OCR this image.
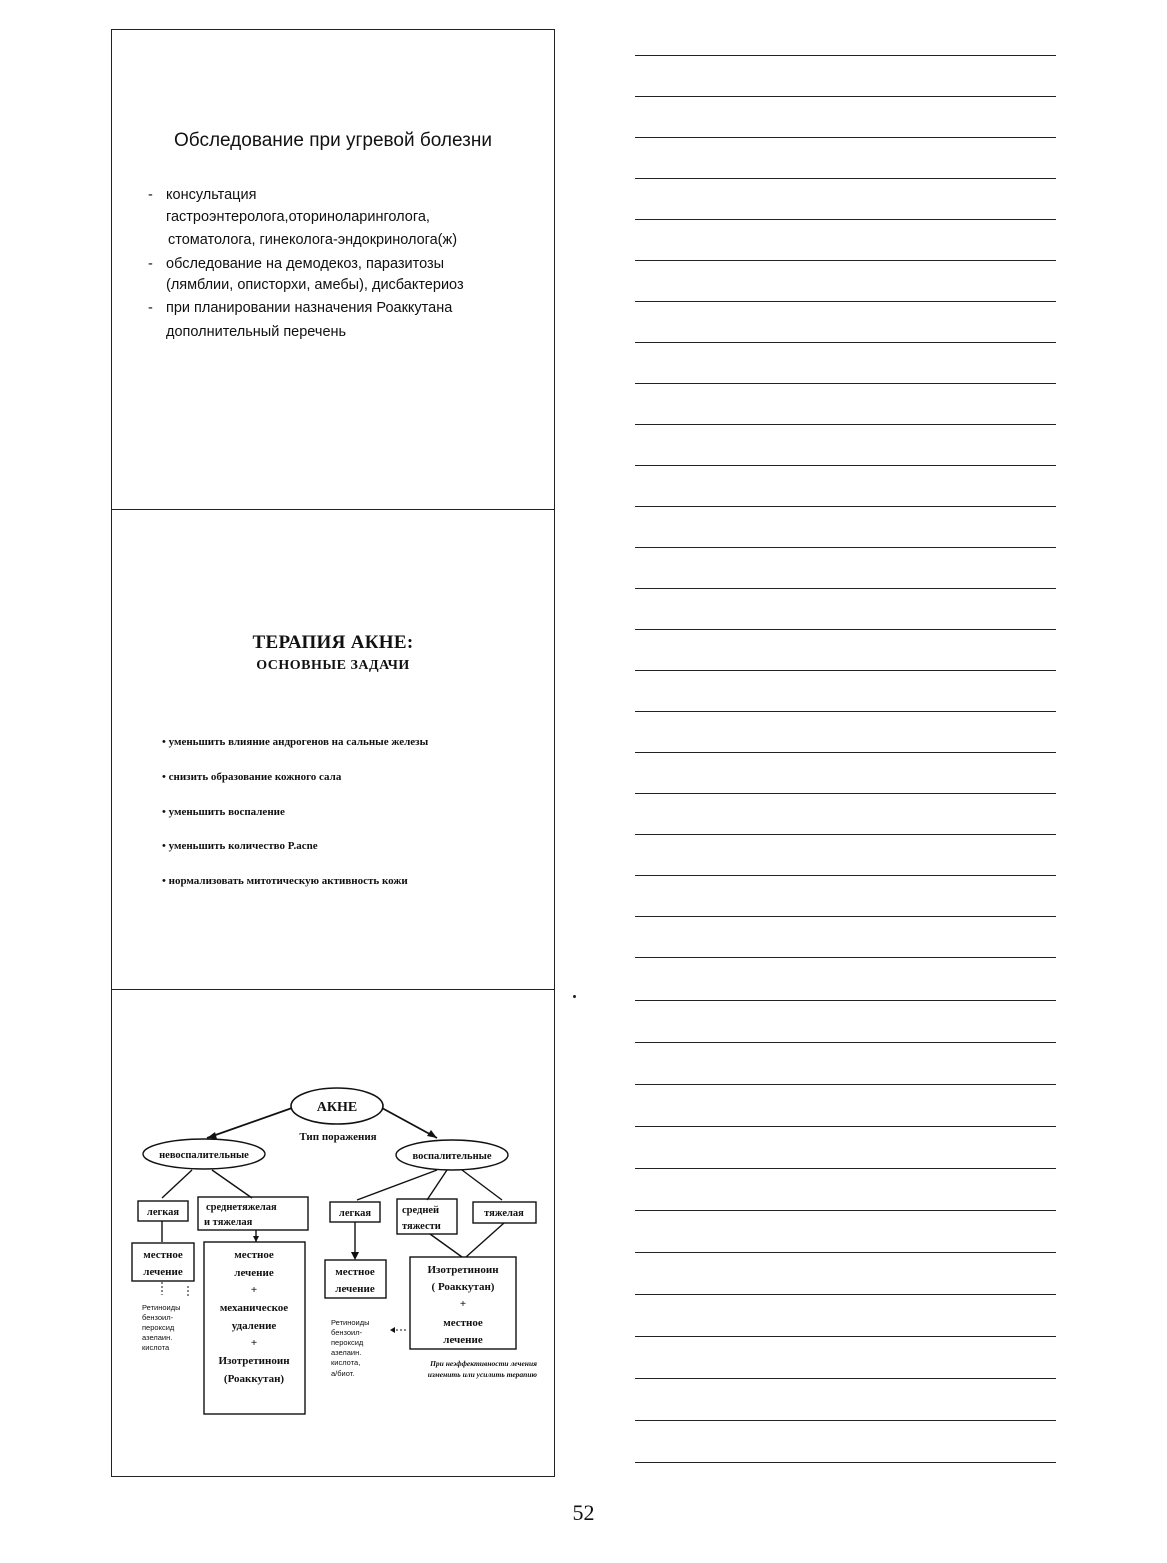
Обследование при угревой болезни
- консультация
гастроэнтеролога,оториноларинголога,
стоматолога, гинеколога-эндокринолога(ж)
- обследование на демодекоз, паразитозы
(лямблии, описторхи, амебы), дисбактериоз
- при планировании назначения Роаккутана
дополнительный перечень
ТЕРАПИЯ АКНЕ:
ОСНОВНЫЕ ЗАДАЧИ
• уменьшить влияние андрогенов на сальные железы
• снизить образование кожного сала
• уменьшить воспаление
• уменьшить количество P.acne
• нормализовать митотическую активность кожи
АКНЕ
Тип поражения
невоспалительные	воспалительные
легкая	среднетяжелая
и тяжелая
легкая	средней
тяжести
тяжелая
местное
лечение
местное
лечение
+
механическое
удаление
+
Изотретиноин
(Роаккутан)
местное
лечение
Изотретиноин
( Роаккутан)
+
местное
лечение
Ретиноиды
бензоил-
пероксид
азелаин.
кислота
Ретиноиды
бензоил-
пероксид
азелаин.
кислота,
а/биот.
При неэффективности лечения
изменить или усилить терапию
52
